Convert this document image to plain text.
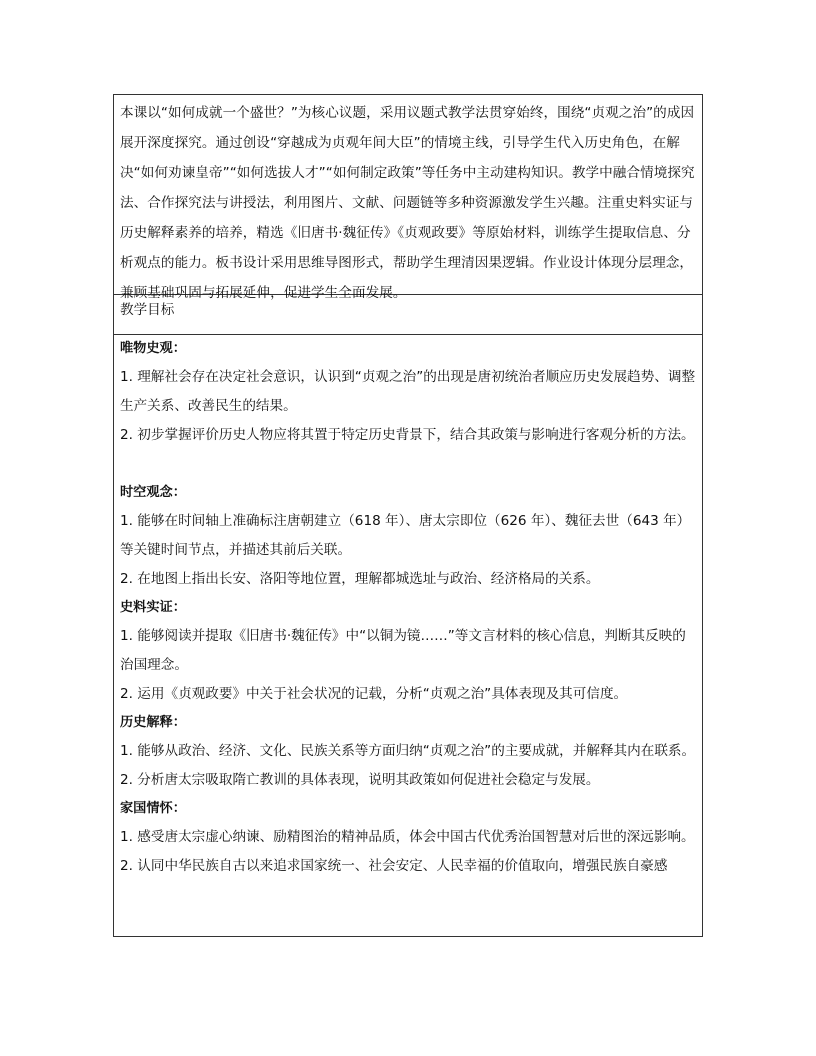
本课以“如何成就一个盛世？”为核心议题，采用议题式教学法贯穿始终，围绕“贞观之治”的成因展开深度探究。通过创设“穿越成为贞观年间大臣”的情境主线，引导学生代入历史角色，在解决“如何劝谏皇帝”“如何选拔人才”“如何制定政策”等任务中主动建构知识。教学中融合情境探究法、合作探究法与讲授法，利用图片、文献、问题链等多种资源激发学生兴趣。注重史料实证与历史解释素养的培养，精选《旧唐书·魏征传》《贞观政要》等原始材料，训练学生提取信息、分析观点的能力。板书设计采用思维导图形式，帮助学生理清因果逻辑。作业设计体现分层理念，兼顾基础巩固与拓展延伸，促进学生全面发展。

教学目标

唯物史观：

1. 理解社会存在决定社会意识，认识到“贞观之治”的出现是唐初统治者顺应历史发展趋势、调整生产关系、改善民生的结果。

2. 初步掌握评价历史人物应将其置于特定历史背景下，结合其政策与影响进行客观分析的方法。

时空观念：

1. 能够在时间轴上准确标注唐朝建立（618 年）、唐太宗即位（626 年）、魏征去世（643 年）等关键时间节点，并描述其前后关联。

2. 在地图上指出长安、洛阳等地位置，理解都城选址与政治、经济格局的关系。

史料实证：

1. 能够阅读并提取《旧唐书·魏征传》中“以铜为镜……”等文言材料的核心信息，判断其反映的治国理念。

2. 运用《贞观政要》中关于社会状况的记载，分析“贞观之治”具体表现及其可信度。

历史解释：

1. 能够从政治、经济、文化、民族关系等方面归纳“贞观之治”的主要成就，并解释其内在联系。

2. 分析唐太宗吸取隋亡教训的具体表现，说明其政策如何促进社会稳定与发展。

家国情怀：

1. 感受唐太宗虚心纳谏、励精图治的精神品质，体会中国古代优秀治国智慧对后世的深远影响。

2. 认同中华民族自古以来追求国家统一、社会安定、人民幸福的价值取向，增强民族自豪感
